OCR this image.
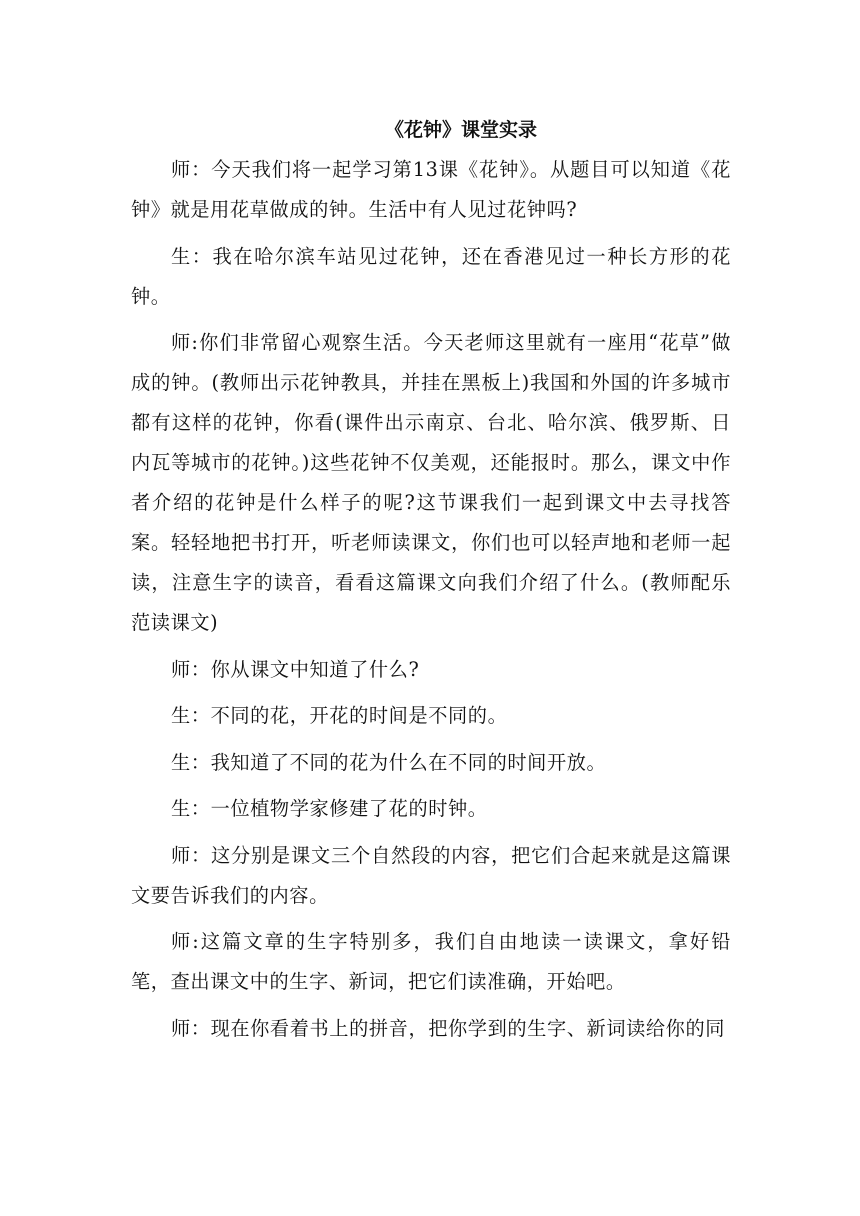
《花钟》课堂实录

师：今天我们将一起学习第13课《花钟》。从题目可以知道《花钟》就是用花草做成的钟。生活中有人见过花钟吗?

生：我在哈尔滨车站见过花钟，还在香港见过一种长方形的花钟。

师:你们非常留心观察生活。今天老师这里就有一座用“花草”做成的钟。(教师出示花钟教具，并挂在黑板上)我国和外国的许多城市都有这样的花钟，你看(课件出示南京、台北、哈尔滨、俄罗斯、日内瓦等城市的花钟。)这些花钟不仅美观，还能报时。那么，课文中作者介绍的花钟是什么样子的呢?这节课我们一起到课文中去寻找答案。轻轻地把书打开，听老师读课文，你们也可以轻声地和老师一起读，注意生字的读音，看看这篇课文向我们介绍了什么。(教师配乐范读课文)

师：你从课文中知道了什么?

生：不同的花，开花的时间是不同的。

生：我知道了不同的花为什么在不同的时间开放。

生：一位植物学家修建了花的时钟。

师：这分别是课文三个自然段的内容，把它们合起来就是这篇课文要告诉我们的内容。

师:这篇文章的生字特别多，我们自由地读一读课文，拿好铅笔，查出课文中的生字、新词，把它们读准确，开始吧。

师：现在你看着书上的拼音，把你学到的生字、新词读给你的同
